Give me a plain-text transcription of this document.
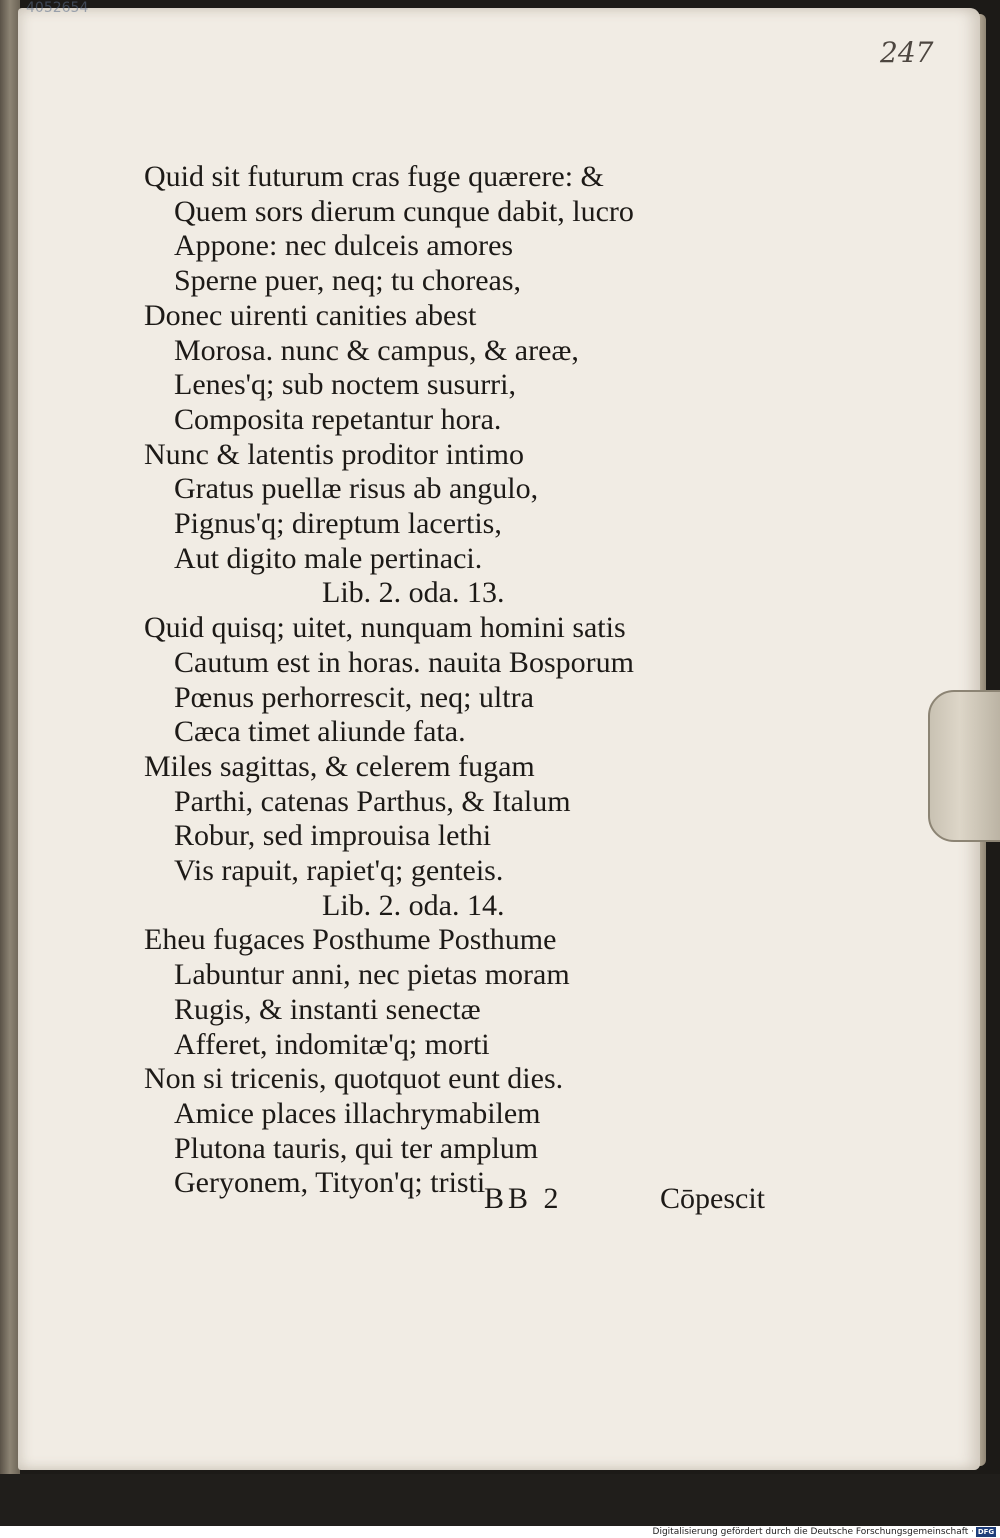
4052654
247
Quid sit futurum cras fuge quærere: &
Quem sors dierum cunque dabit, lucro
Appone: nec dulceis amores
Sperne puer, neq; tu choreas,
Donec uirenti canities abest
Morosa. nunc & campus, & areæ,
Lenes'q; sub noctem susurri,
Composita repetantur hora.
Nunc & latentis proditor intimo
Gratus puellæ risus ab angulo,
Pignus'q; direptum lacertis,
Aut digito male pertinaci.
Lib. 2. oda. 13.
Quid quisq; uitet, nunquam homini satis
Cautum est in horas. nauita Bosporum
Pœnus perhorrescit, neq; ultra
Cæca timet aliunde fata.
Miles sagittas, & celerem fugam
Parthi, catenas Parthus, & Italum
Robur, sed improuisa lethi
Vis rapuit, rapiet'q; genteis.
Lib. 2. oda. 14.
Eheu fugaces Posthume Posthume
Labuntur anni, nec pietas moram
Rugis, & instanti senectæ
Afferet, indomitæ'q; morti
Non si tricenis, quotquot eunt dies.
Amice places illachrymabilem
Plutona tauris, qui ter amplum
Geryonem, Tityon'q; tristi
BB 2	Cōpescit
Digitalisierung gefördert durch die Deutsche Forschungsgemeinschaft · DFG
